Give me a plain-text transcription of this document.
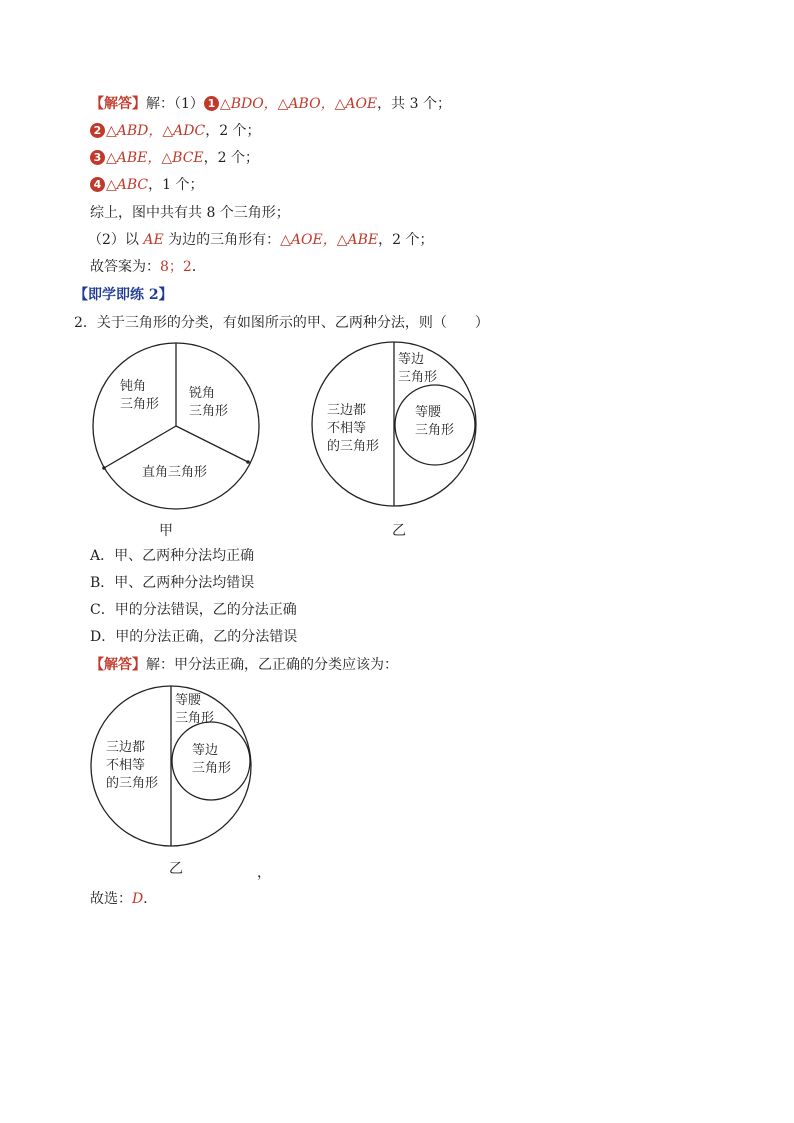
【解答】解：（1） 1 △BDO，△ABO，△AOE，共 3 个；
2 △ABD，△ADC，2 个；
3 △ABE，△BCE，2 个；
4 △ABC，1 个；
综上，图中共有共 8 个三角形；
（2）以 AE 为边的三角形有：△AOE，△ABE，2 个；
故答案为：8；2．
【即学即练 2】
2．关于三角形的分类，有如图所示的甲、乙两种分法，则（　　）
钝角
三角形
锐角
三角形
直角三角形
甲
等边
三角形
三边都
不相等
的三角形
等腰
三角形
乙
A．甲、乙两种分法均正确
B．甲、乙两种分法均错误
C．甲的分法错误，乙的分法正确
D．甲的分法正确，乙的分法错误
【解答】解：甲分法正确，乙正确的分类应该为：
等腰
三角形
三边都
不相等
的三角形
等边
三角形
乙	，
故选：D．
